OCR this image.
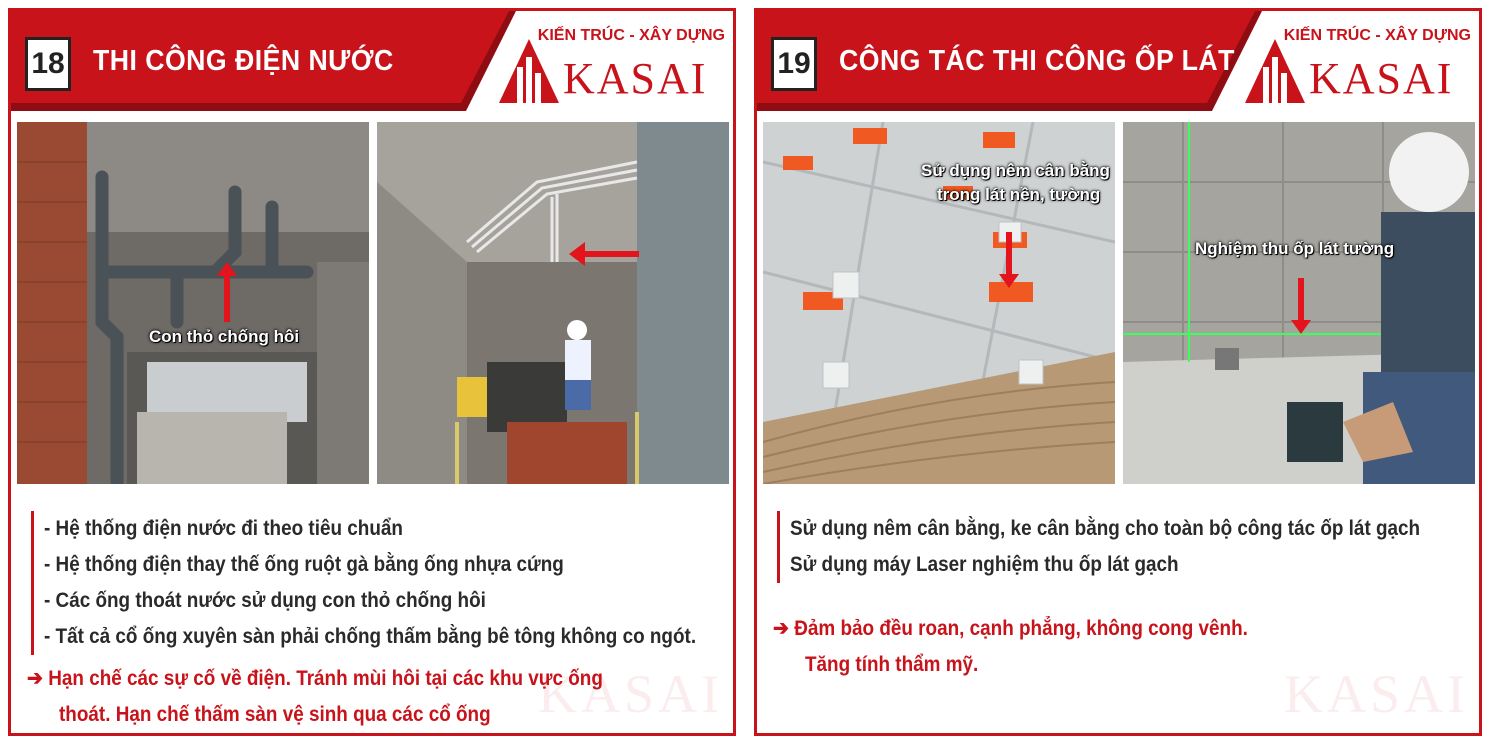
18 THI CÔNG ĐIỆN NƯỚC
KIẾN TRÚC - XÂY DỰNG
KASAI
Con thỏ chống hôi
- Hệ thống điện nước đi theo tiêu chuẩn
- Hệ thống điện thay thế ống ruột gà bằng ống nhựa cứng
- Các ống thoát nước sử dụng con thỏ chống hôi
- Tất cả cổ ống xuyên sàn phải chống thấm bằng bê tông không co ngót.
➔ Hạn chế các sự cố về điện. Tránh mùi hôi tại các khu vực ống
thoát. Hạn chế thấm sàn vệ sinh qua các cổ ống KASAI
19 CÔNG TÁC THI CÔNG ỐP LÁT
KIẾN TRÚC - XÂY DỰNG
KASAI
Sử dụng nêm cân bằng
trong lát nền, tường
Nghiệm thu ốp lát tường
Sử dụng nêm cân bằng, ke cân bằng cho toàn bộ công tác ốp lát gạch
Sử dụng máy Laser nghiệm thu ốp lát gạch
➔ Đảm bảo đều roan, cạnh phẳng, không cong vênh.
Tăng tính thẩm mỹ.	KASAI
